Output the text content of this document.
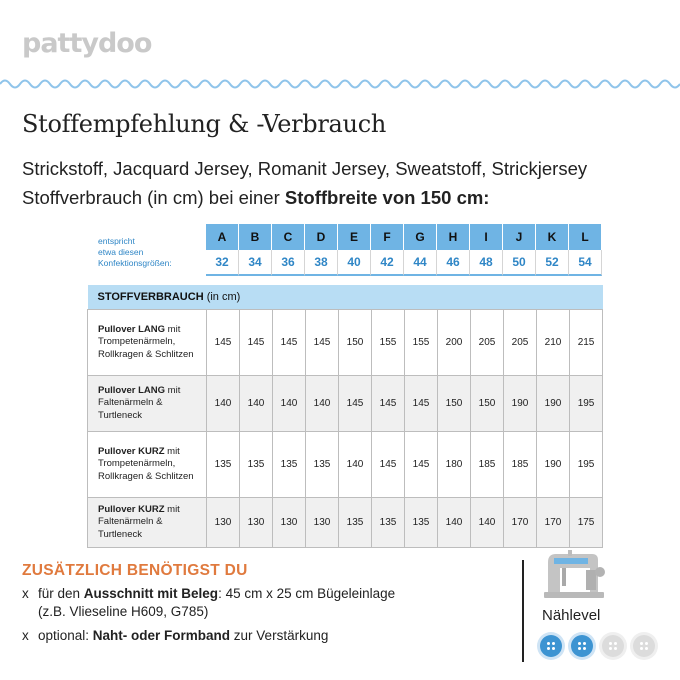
pattydoo
Stoffempfehlung & -Verbrauch
Strickstoff, Jacquard Jersey, Romanit Jersey, Sweatstoff, Strickjersey
Stoffverbrauch (in cm) bei einer Stoffbreite von 150 cm:
entspricht
etwa diesen
Konfektionsgrößen:
A	B	C	D	E	F	G	H	I	J	K	L
32	34	36	38	40	42	44	46	48	50	52	54
STOFFVERBRAUCH (in cm)												
Pullover LANG mit Trompetenärmeln, Rollkragen & Schlitzen	145	145	145	145	150	155	155	200	205	205	210	215
Pullover LANG mit Faltenärmeln & Turtleneck	140	140	140	140	145	145	145	150	150	190	190	195
Pullover KURZ mit Trompetenärmeln, Rollkragen & Schlitzen	135	135	135	135	140	145	145	180	185	185	190	195
Pullover KURZ mit Faltenärmeln & Turtleneck	130	130	130	130	135	135	135	140	140	170	170	175
ZUSÄTZLICH BENÖTIGST DU
x für den Ausschnitt mit Beleg: 45 cm x 25 cm Bügeleinlage
(z.B. Vlieseline H609, G785)
x optional: Naht- oder Formband zur Verstärkung
Nählevel
